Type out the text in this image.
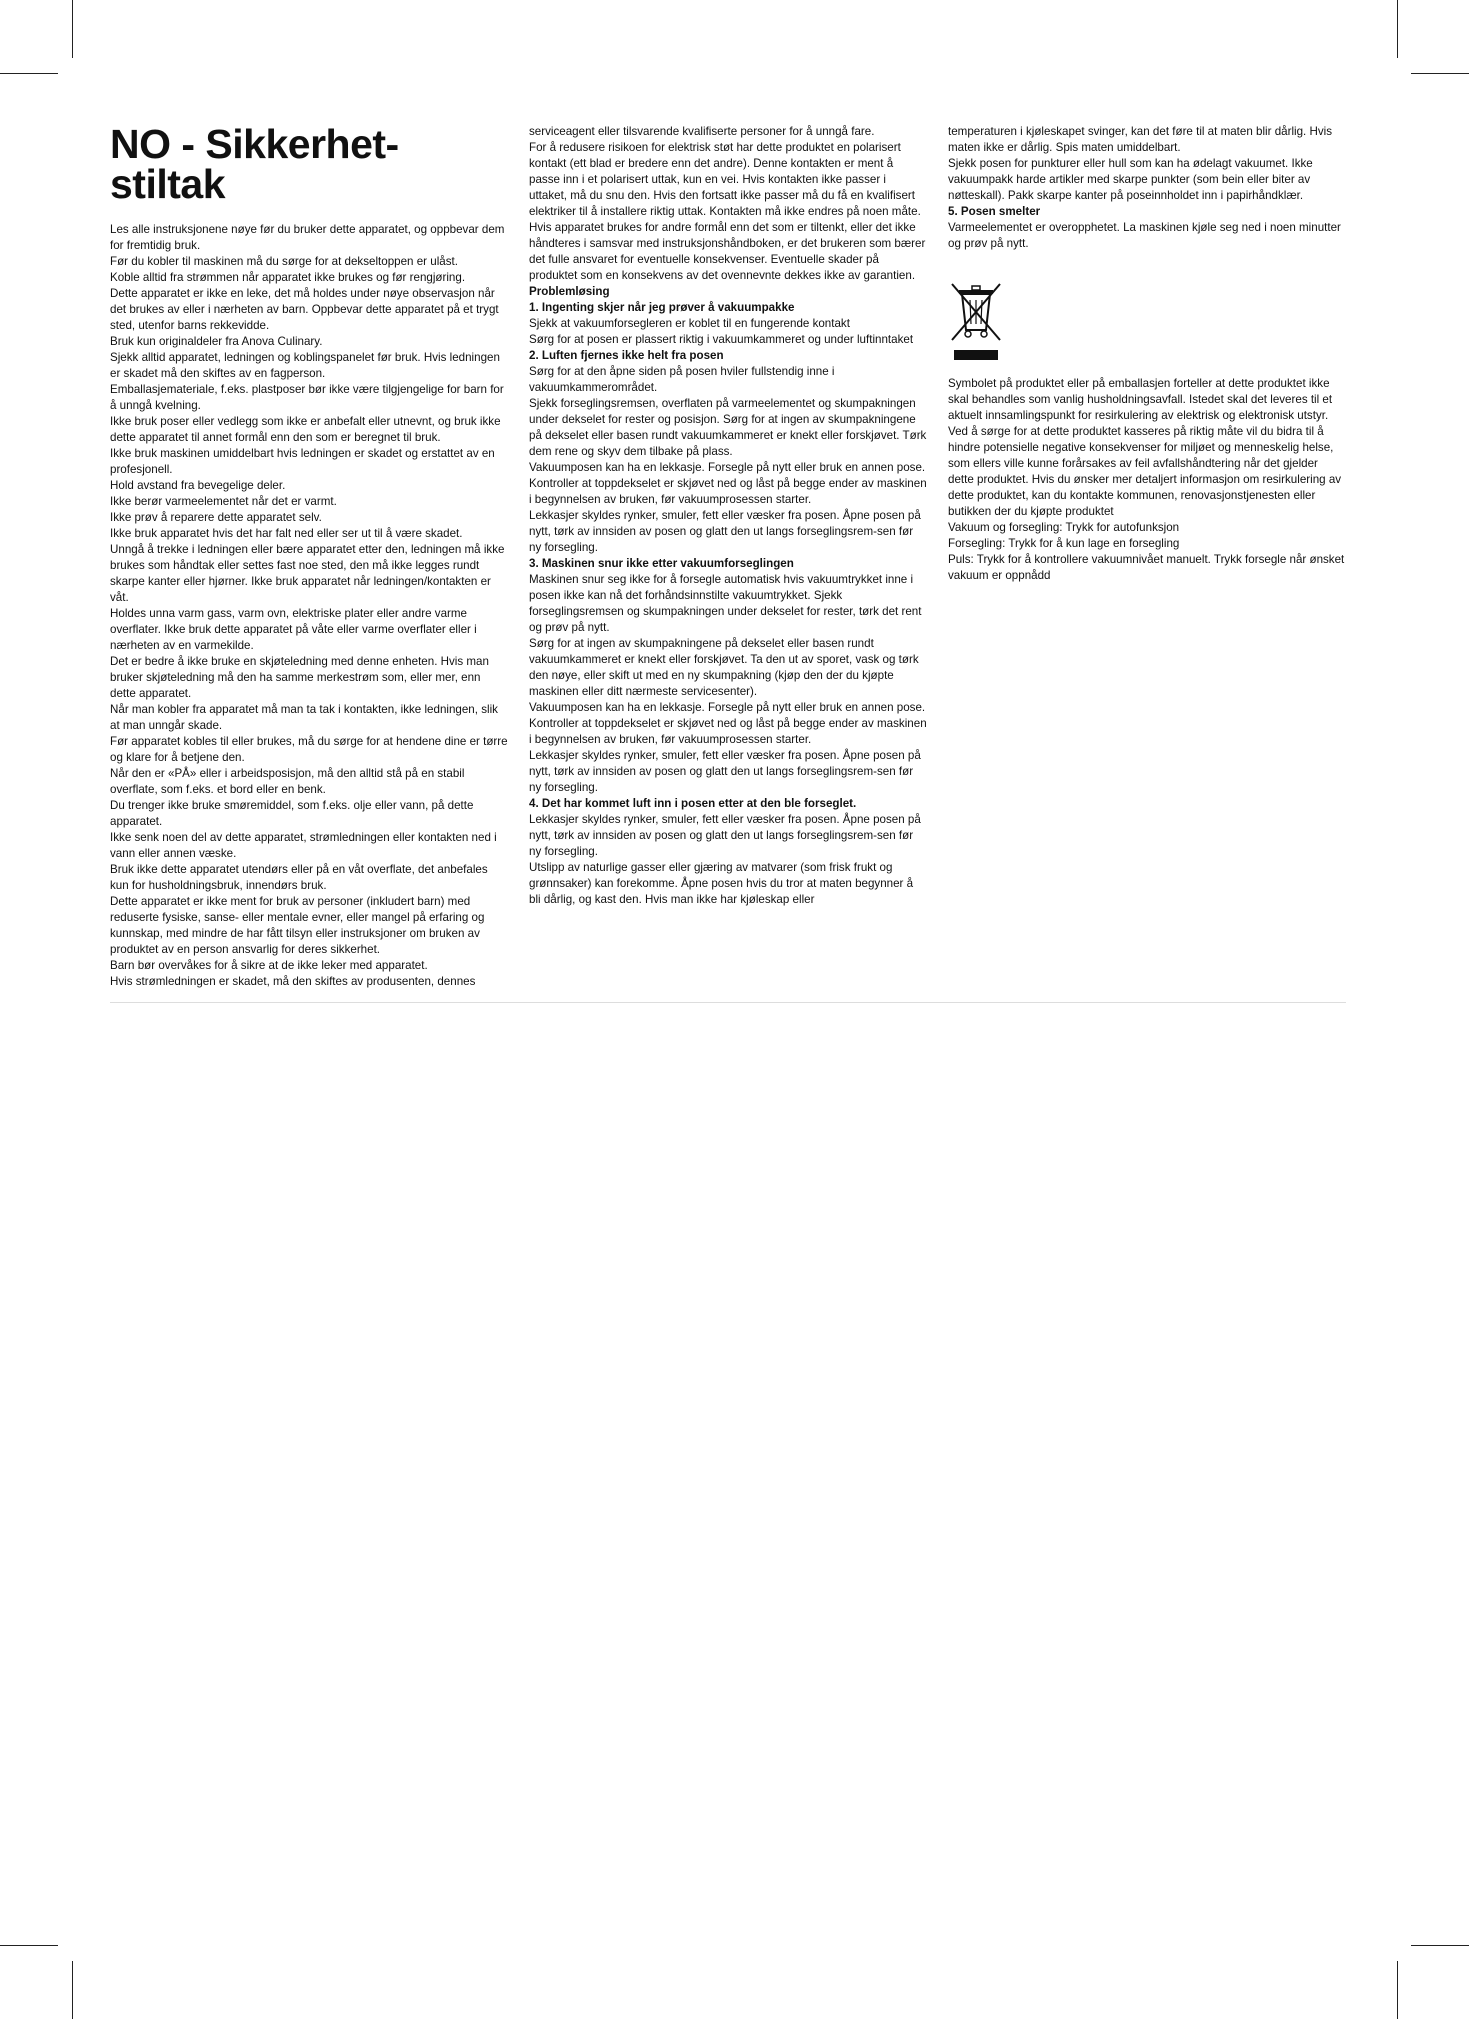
NO - Sikkerhet-
stiltak

Les alle instruksjonene nøye før du bruker dette apparatet, og oppbevar dem for fremtidig bruk.

Før du kobler til maskinen må du sørge for at dekseltoppen er ulåst.

Koble alltid fra strømmen når apparatet ikke brukes og før rengjøring.

Dette apparatet er ikke en leke, det må holdes under nøye observasjon når det brukes av eller i nærheten av barn. Oppbevar dette apparatet på et trygt sted, utenfor barns rekkevidde.

Bruk kun originaldeler fra Anova Culinary.

Sjekk alltid apparatet, ledningen og koblingspanelet før bruk. Hvis ledningen er skadet må den skiftes av en fagperson.

Emballasjemateriale, f.eks. plastposer bør ikke være tilgjengelige for barn for å unngå kvelning.

Ikke bruk poser eller vedlegg som ikke er anbefalt eller utnevnt, og bruk ikke dette apparatet til annet formål enn den som er beregnet til bruk.

Ikke bruk maskinen umiddelbart hvis ledningen er skadet og erstattet av en profesjonell.

Hold avstand fra bevegelige deler.

Ikke berør varmeelementet når det er varmt.

Ikke prøv å reparere dette apparatet selv.

Ikke bruk apparatet hvis det har falt ned eller ser ut til å være skadet.

Unngå å trekke i ledningen eller bære apparatet etter den, ledningen må ikke brukes som håndtak eller settes fast noe sted, den må ikke legges rundt skarpe kanter eller hjørner. Ikke bruk apparatet når ledningen/kontakten er våt.

Holdes unna varm gass, varm ovn, elektriske plater eller andre varme overflater. Ikke bruk dette apparatet på våte eller varme overflater eller i nærheten av en varmekilde.

Det er bedre å ikke bruke en skjøteledning med denne enheten. Hvis man bruker skjøteledning må den ha samme merkestrøm som, eller mer, enn dette apparatet.

Når man kobler fra apparatet må man ta tak i kontakten, ikke ledningen, slik at man unngår skade.

Før apparatet kobles til eller brukes, må du sørge for at hendene dine er tørre og klare for å betjene den.

Når den er «PÅ» eller i arbeidsposisjon, må den alltid stå på en stabil overflate, som f.eks. et bord eller en benk.

Du trenger ikke bruke smøremiddel, som f.eks. olje eller vann, på dette apparatet.

Ikke senk noen del av dette apparatet, strømledningen eller kontakten ned i vann eller annen væske.

Bruk ikke dette apparatet utendørs eller på en våt overflate, det anbefales kun for husholdningsbruk, innendørs bruk.

Dette apparatet er ikke ment for bruk av personer (inkludert barn) med reduserte fysiske, sanse- eller mentale evner, eller mangel på erfaring og kunnskap, med mindre de har fått tilsyn eller instruksjoner om bruken av produktet av en person ansvarlig for deres sikkerhet.

Barn bør overvåkes for å sikre at de ikke leker med apparatet.

Hvis strømledningen er skadet, må den skiftes av produsenten, dennes

serviceagent eller tilsvarende kvalifiserte personer for å unngå fare.

For å redusere risikoen for elektrisk støt har dette produktet en polarisert kontakt (ett blad er bredere enn det andre). Denne kontakten er ment å passe inn i et polarisert uttak, kun en vei. Hvis kontakten ikke passer i uttaket, må du snu den. Hvis den fortsatt ikke passer må du få en kvalifisert elektriker til å installere riktig uttak. Kontakten må ikke endres på noen måte.

Hvis apparatet brukes for andre formål enn det som er tiltenkt, eller det ikke håndteres i samsvar med instruksjonshåndboken, er det brukeren som bærer det fulle ansvaret for eventuelle konsekvenser. Eventuelle skader på produktet som en konsekvens av det ovennevnte dekkes ikke av garantien.

Problemløsing

1. Ingenting skjer når jeg prøver å vakuumpakke

Sjekk at vakuumforsegleren er koblet til en fungerende kontakt

Sørg for at posen er plassert riktig i vakuumkammeret og under luftinntaket

2. Luften fjernes ikke helt fra posen

Sørg for at den åpne siden på posen hviler fullstendig inne i vakuumkammerområdet.

Sjekk forseglingsremsen, overflaten på varmeelementet og skumpakningen under dekselet for rester og posisjon. Sørg for at ingen av skumpakningene på dekselet eller basen rundt vakuumkammeret er knekt eller forskjøvet. Tørk dem rene og skyv dem tilbake på plass.

Vakuumposen kan ha en lekkasje. Forsegle på nytt eller bruk en annen pose.

Kontroller at toppdekselet er skjøvet ned og låst på begge ender av maskinen i begynnelsen av bruken, før vakuumprosessen starter.

Lekkasjer skyldes rynker, smuler, fett eller væsker fra posen. Åpne posen på nytt, tørk av innsiden av posen og glatt den ut langs forseglingsrem-sen før ny forsegling.

3. Maskinen snur ikke etter vakuumforseglingen

Maskinen snur seg ikke for å forsegle automatisk hvis vakuumtrykket inne i posen ikke kan nå det forhåndsinnstilte vakuumtrykket. Sjekk forseglingsremsen og skumpakningen under dekselet for rester, tørk det rent og prøv på nytt.

Sørg for at ingen av skumpakningene på dekselet eller basen rundt vakuumkammeret er knekt eller forskjøvet. Ta den ut av sporet, vask og tørk den nøye, eller skift ut med en ny skumpakning (kjøp den der du kjøpte maskinen eller ditt nærmeste servicesenter).

Vakuumposen kan ha en lekkasje. Forsegle på nytt eller bruk en annen pose.

Kontroller at toppdekselet er skjøvet ned og låst på begge ender av maskinen i begynnelsen av bruken, før vakuumprosessen starter.

Lekkasjer skyldes rynker, smuler, fett eller væsker fra posen. Åpne posen på nytt, tørk av innsiden av posen og glatt den ut langs forseglingsrem-sen før ny forsegling.

4. Det har kommet luft inn i posen etter at den ble forseglet.

Lekkasjer skyldes rynker, smuler, fett eller væsker fra posen. Åpne posen på nytt, tørk av innsiden av posen og glatt den ut langs forseglingsrem-sen før ny forsegling.

Utslipp av naturlige gasser eller gjæring av matvarer (som frisk frukt og grønnsaker) kan forekomme. Åpne posen hvis du tror at maten begynner å bli dårlig, og kast den. Hvis man ikke har kjøleskap eller

temperaturen i kjøleskapet svinger, kan det føre til at maten blir dårlig. Hvis maten ikke er dårlig. Spis maten umiddelbart.

Sjekk posen for punkturer eller hull som kan ha ødelagt vakuumet. Ikke vakuumpakk harde artikler med skarpe punkter (som bein eller biter av nøtteskall). Pakk skarpe kanter på poseinnholdet inn i papirhåndklær.

5. Posen smelter

Varmeelementet er overopphetet. La maskinen kjøle seg ned i noen minutter og prøv på nytt.

Symbolet på produktet eller på emballasjen forteller at dette produktet ikke skal behandles som vanlig husholdningsavfall. Istedet skal det leveres til et aktuelt innsamlingspunkt for resirkulering av elektrisk og elektronisk utstyr. Ved å sørge for at dette produktet kasseres på riktig måte vil du bidra til å hindre potensielle negative konsekvenser for miljøet og menneskelig helse, som ellers ville kunne forårsakes av feil avfallshåndtering når det gjelder dette produktet. Hvis du ønsker mer detaljert informasjon om resirkulering av dette produktet, kan du kontakte kommunen, renovasjonstjenesten eller butikken der du kjøpte produktet

Vakuum og forsegling: Trykk for autofunksjon

Forsegling: Trykk for å kun lage en forsegling

Puls: Trykk for å kontrollere vakuumnivået manuelt. Trykk forsegle når ønsket vakuum er oppnådd
